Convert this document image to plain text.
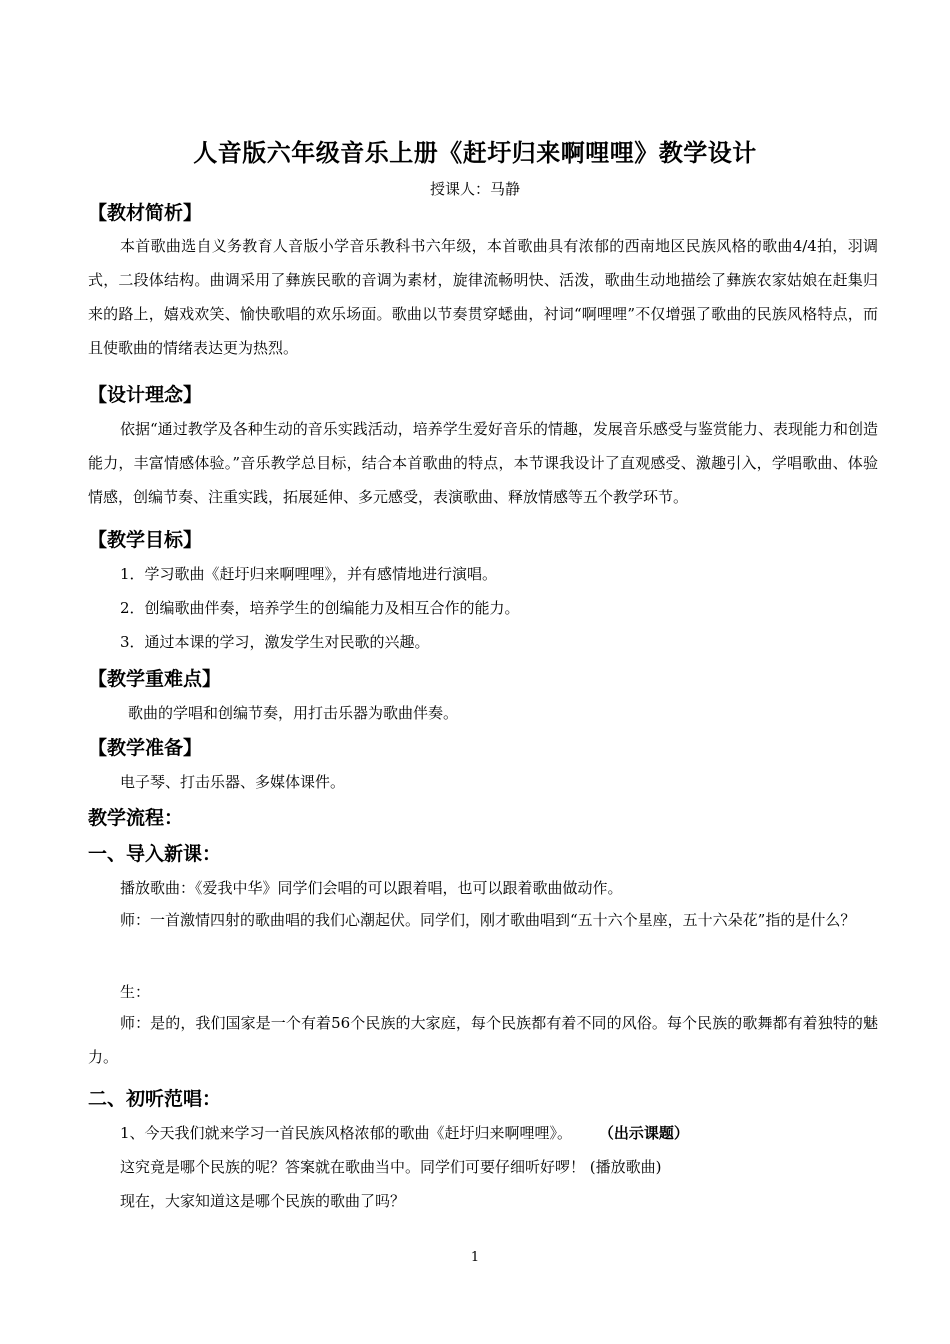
人音版六年级音乐上册《赶圩归来啊哩哩》教学设计
授课人：马静
【教材简析】

本首歌曲选自义务教育人音版小学音乐教科书六年级，本首歌曲具有浓郁的西南地区民族风格的歌曲4/4拍，羽调式，二段体结构。曲调采用了彝族民歌的音调为素材，旋律流畅明快、活泼，歌曲生动地描绘了彝族农家姑娘在赶集归来的路上，嬉戏欢笑、愉快歌唱的欢乐场面。歌曲以节奏贯穿蟋曲，衬词“啊哩哩”不仅增强了歌曲的民族风格特点，而且使歌曲的情绪表达更为热烈。

【设计理念】

依据“通过教学及各种生动的音乐实践活动，培养学生爱好音乐的情趣，发展音乐感受与鉴赏能力、表现能力和创造能力，丰富情感体验。”音乐教学总目标，结合本首歌曲的特点，本节课我设计了直观感受、激趣引入，学唱歌曲、体验情感，创编节奏、注重实践，拓展延伸、多元感受，表演歌曲、释放情感等五个教学环节。

【教学目标】
1．学习歌曲《赶圩归来啊哩哩》，并有感情地进行演唱。
2．创编歌曲伴奏，培养学生的创编能力及相互合作的能力。
3．通过本课的学习，激发学生对民歌的兴趣。
【教学重难点】
歌曲的学唱和创编节奏，用打击乐器为歌曲伴奏。
【教学准备】
电子琴、打击乐器、多媒体课件。
教学流程：
一、导入新课：
播放歌曲：《爱我中华》同学们会唱的可以跟着唱，也可以跟着歌曲做动作。

师：一首激情四射的歌曲唱的我们心潮起伏。同学们，刚才歌曲唱到“五十六个星座，五十六朵花”指的是什么？

生：

师：是的，我们国家是一个有着56个民族的大家庭，每个民族都有着不同的风俗。每个民族的歌舞都有着独特的魅力。

二、初听范唱：
1、今天我们就来学习一首民族风格浓郁的歌曲《赶圩归来啊哩哩》。 （出示课题）
这究竟是哪个民族的呢？答案就在歌曲当中。同学们可要仔细听好啰！ (播放歌曲)
现在，大家知道这是哪个民族的歌曲了吗？
1
